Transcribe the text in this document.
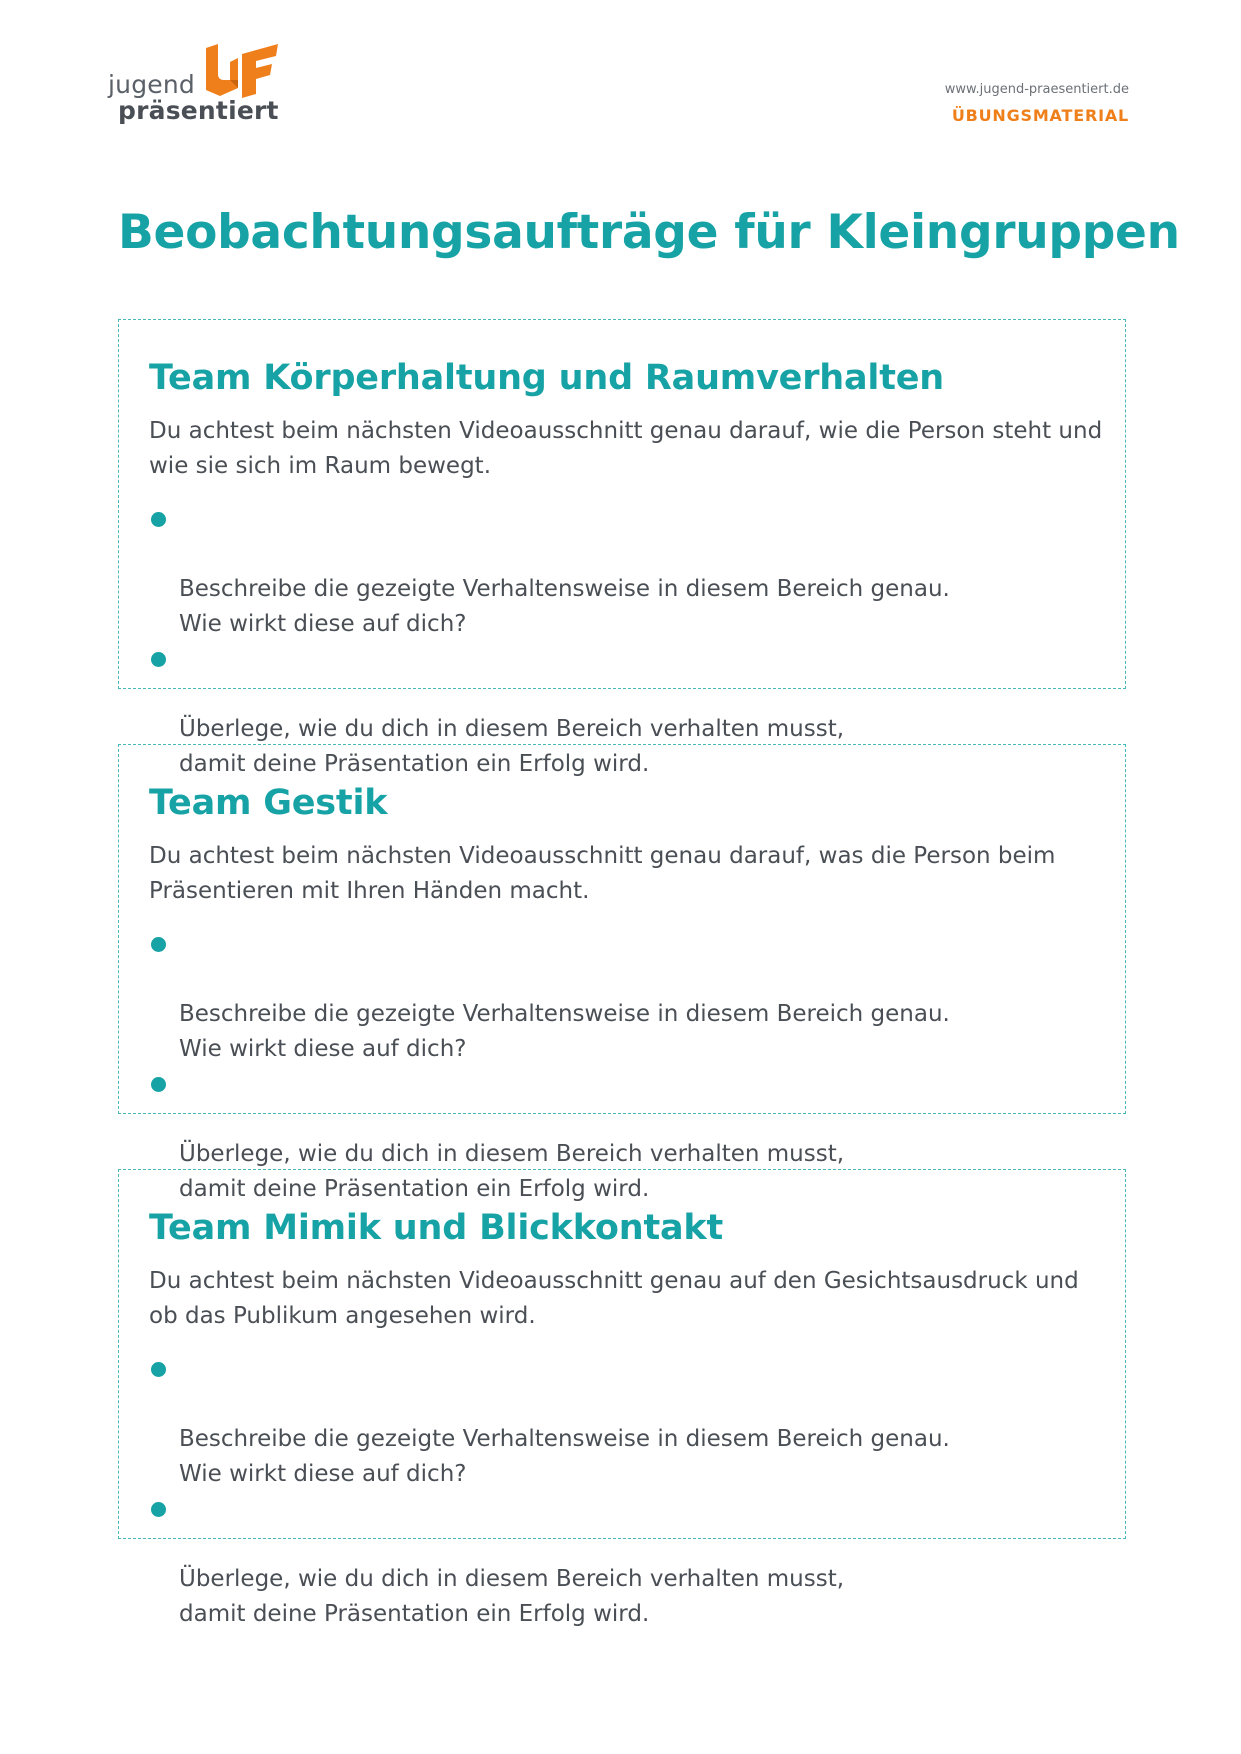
jugend
präsentiert
www.jugend-praesentiert.de
ÜBUNGSMATERIAL
Beobachtungsaufträge für Kleingruppen
Team Körperhaltung und Raumverhalten

Du achtest beim nächsten Videoausschnitt genau darauf, wie die Person steht und wie sie sich im Raum bewegt.

Beschreibe die gezeigte Verhaltensweise in diesem Bereich genau.
Wie wirkt diese auf dich?

Überlege, wie du dich in diesem Bereich verhalten musst,
damit deine Präsentation ein Erfolg wird.

Team Gestik

Du achtest beim nächsten Videoausschnitt genau darauf, was die Person beim Präsentieren mit Ihren Händen macht.

Beschreibe die gezeigte Verhaltensweise in diesem Bereich genau.
Wie wirkt diese auf dich?

Überlege, wie du dich in diesem Bereich verhalten musst,
damit deine Präsentation ein Erfolg wird.

Team Mimik und Blickkontakt

Du achtest beim nächsten Videoausschnitt genau auf den Gesichtsausdruck und ob das Publikum angesehen wird.

Beschreibe die gezeigte Verhaltensweise in diesem Bereich genau.
Wie wirkt diese auf dich?

Überlege, wie du dich in diesem Bereich verhalten musst,
damit deine Präsentation ein Erfolg wird.
